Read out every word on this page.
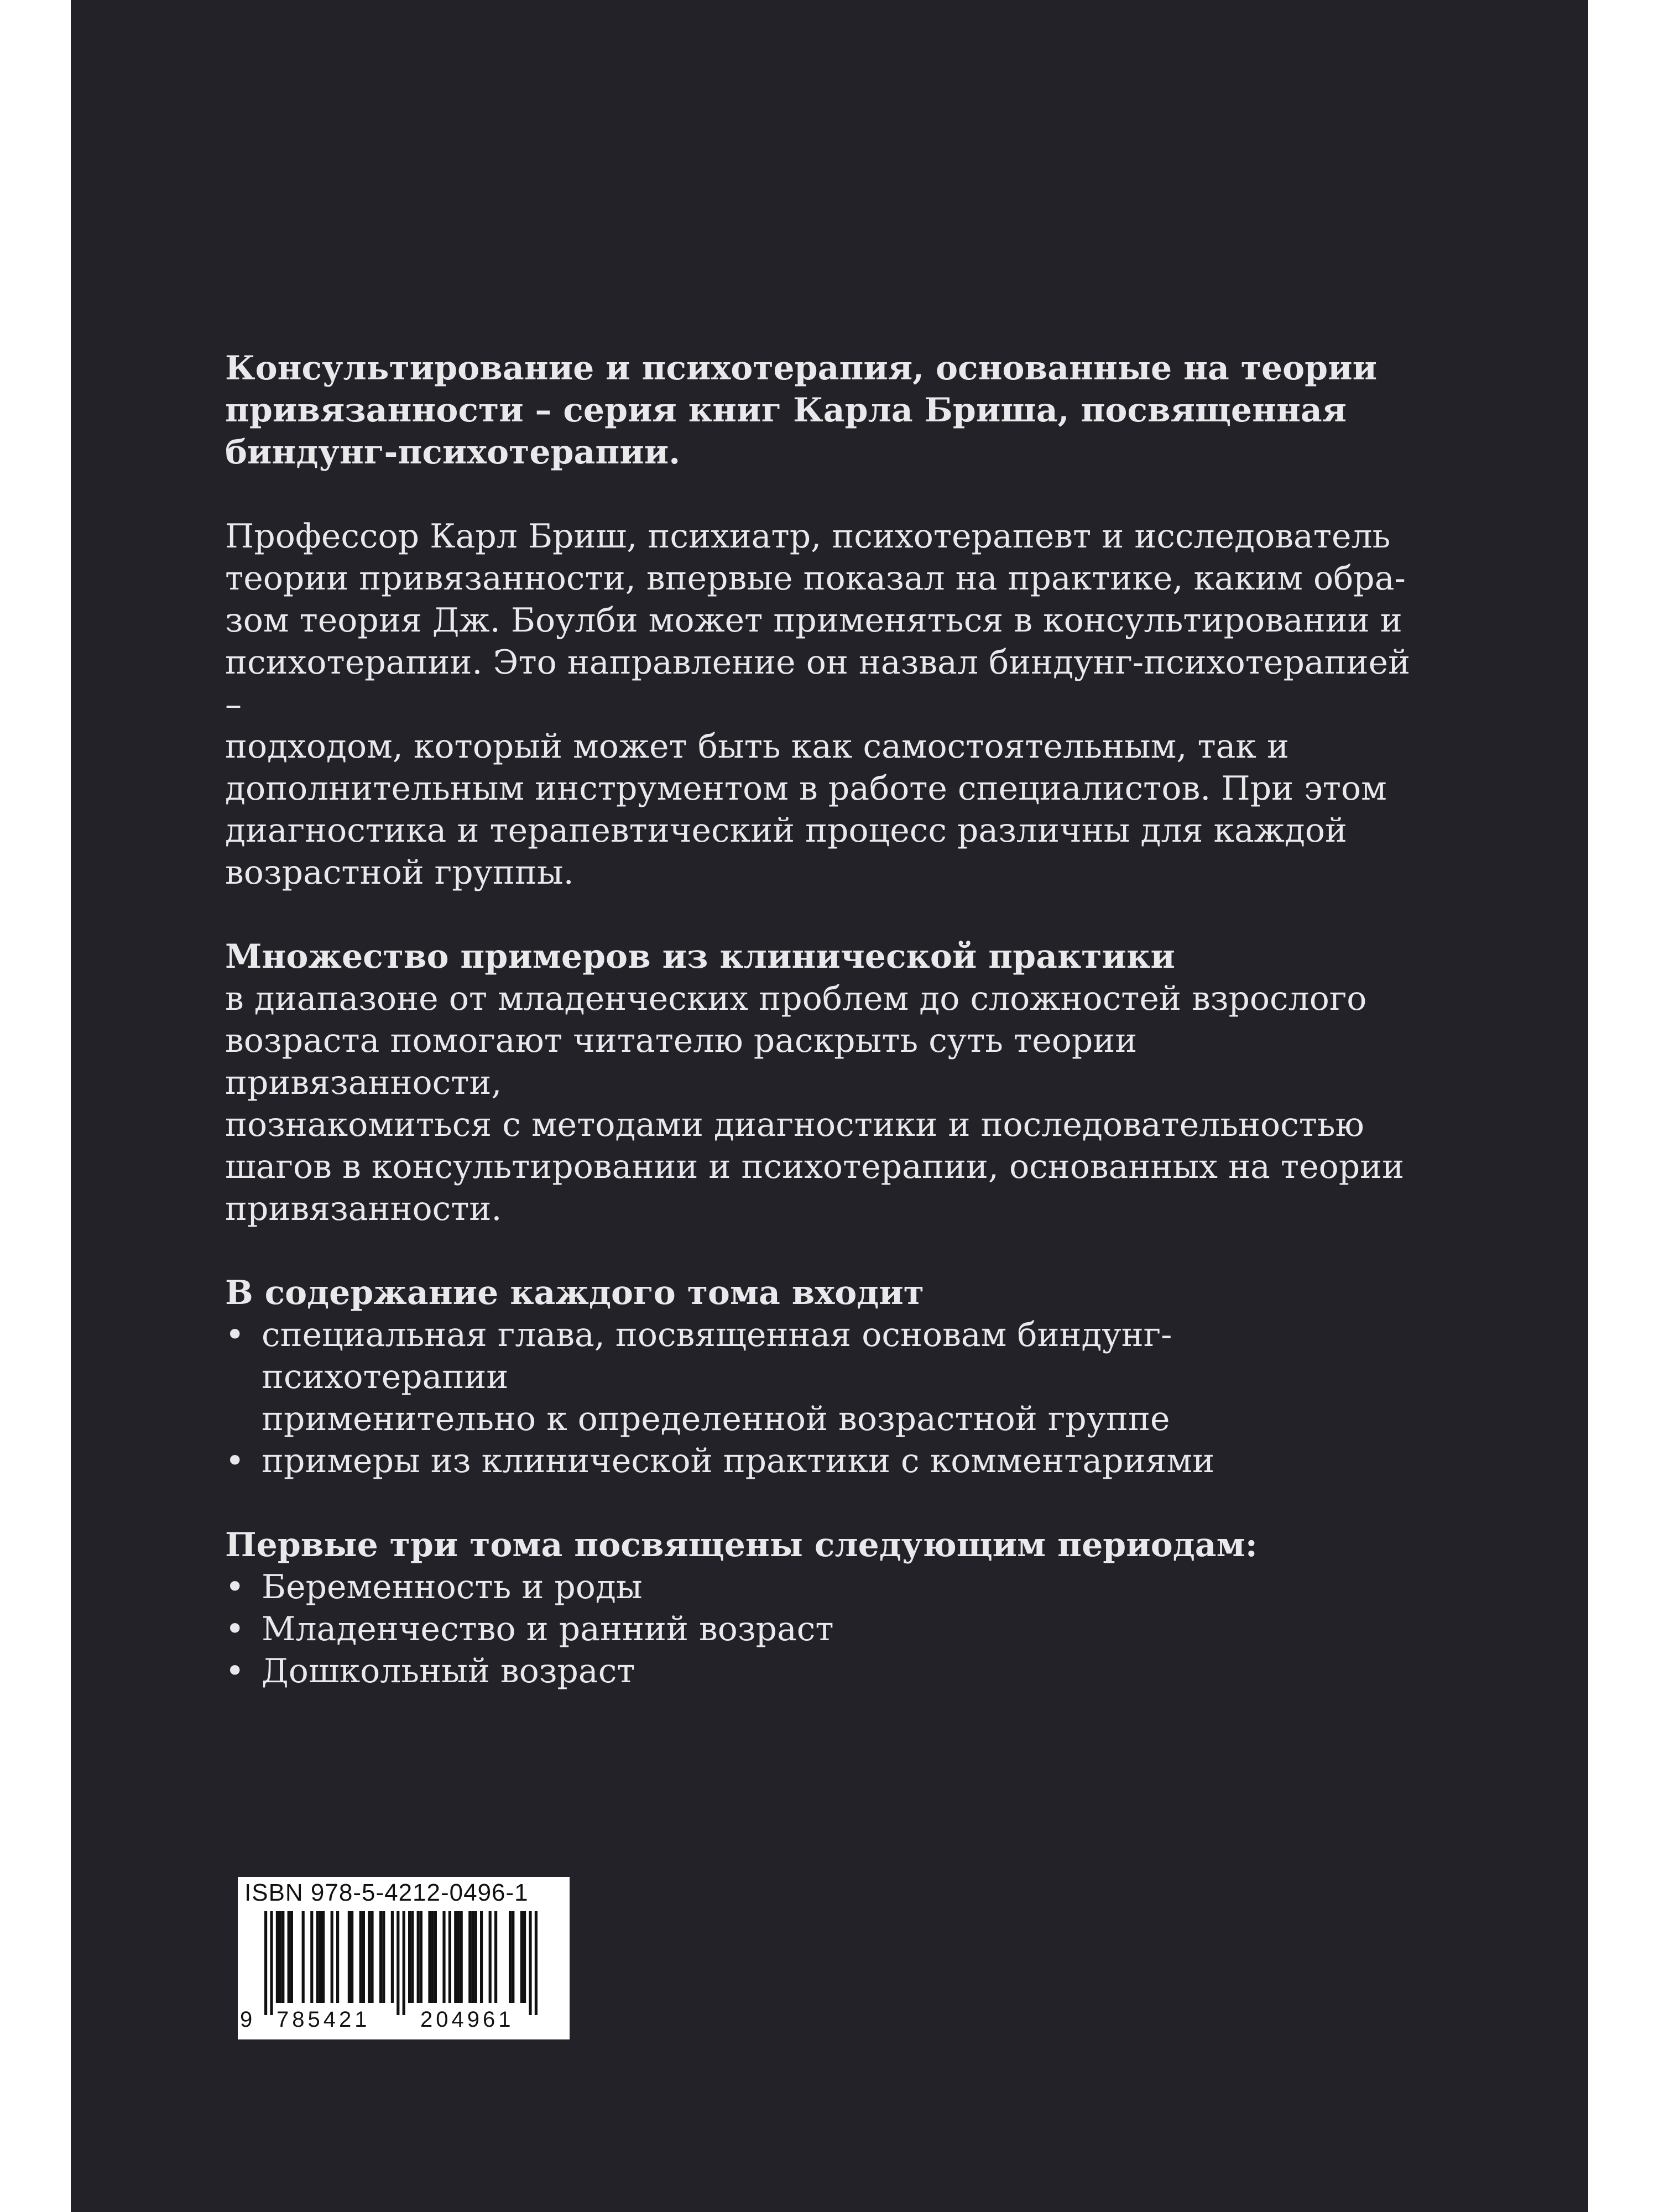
Консультирование и психотерапия, основанные на теории
привязанности – серия книг Карла Бриша, посвященная
биндунг-психотерапии.

Профессор Карл Бриш, психиатр, психотерапевт и исследователь
теории привязанности, впервые показал на практике, каким обра-
зом теория Дж. Боулби может применяться в консультировании и
психотерапии. Это направление он назвал биндунг-психотерапией –
подходом, который может быть как самостоятельным, так и
дополнительным инструментом в работе специалистов. При этом
диагностика и терапевтический процесс различны для каждой
возрастной группы.

Множество примеров из клинической практики

в диапазоне от младенческих проблем до сложностей взрослого
возраста помогают читателю раскрыть суть теории привязанности,
познакомиться с методами диагностики и последовательностью
шагов в консультировании и психотерапии, основанных на теории
привязанности.

В содержание каждого тома входит

• специальная глава, посвященная основам биндунг-психотерапии
применительно к определенной возрастной группе
• примеры из клинической практики с комментариями

Первые три тома посвящены следующим периодам:

• Беременность и роды
• Младенчество и ранний возраст
• Дошкольный возраст
ISBN 978-5-4212-0496-1
9 785421 204961
